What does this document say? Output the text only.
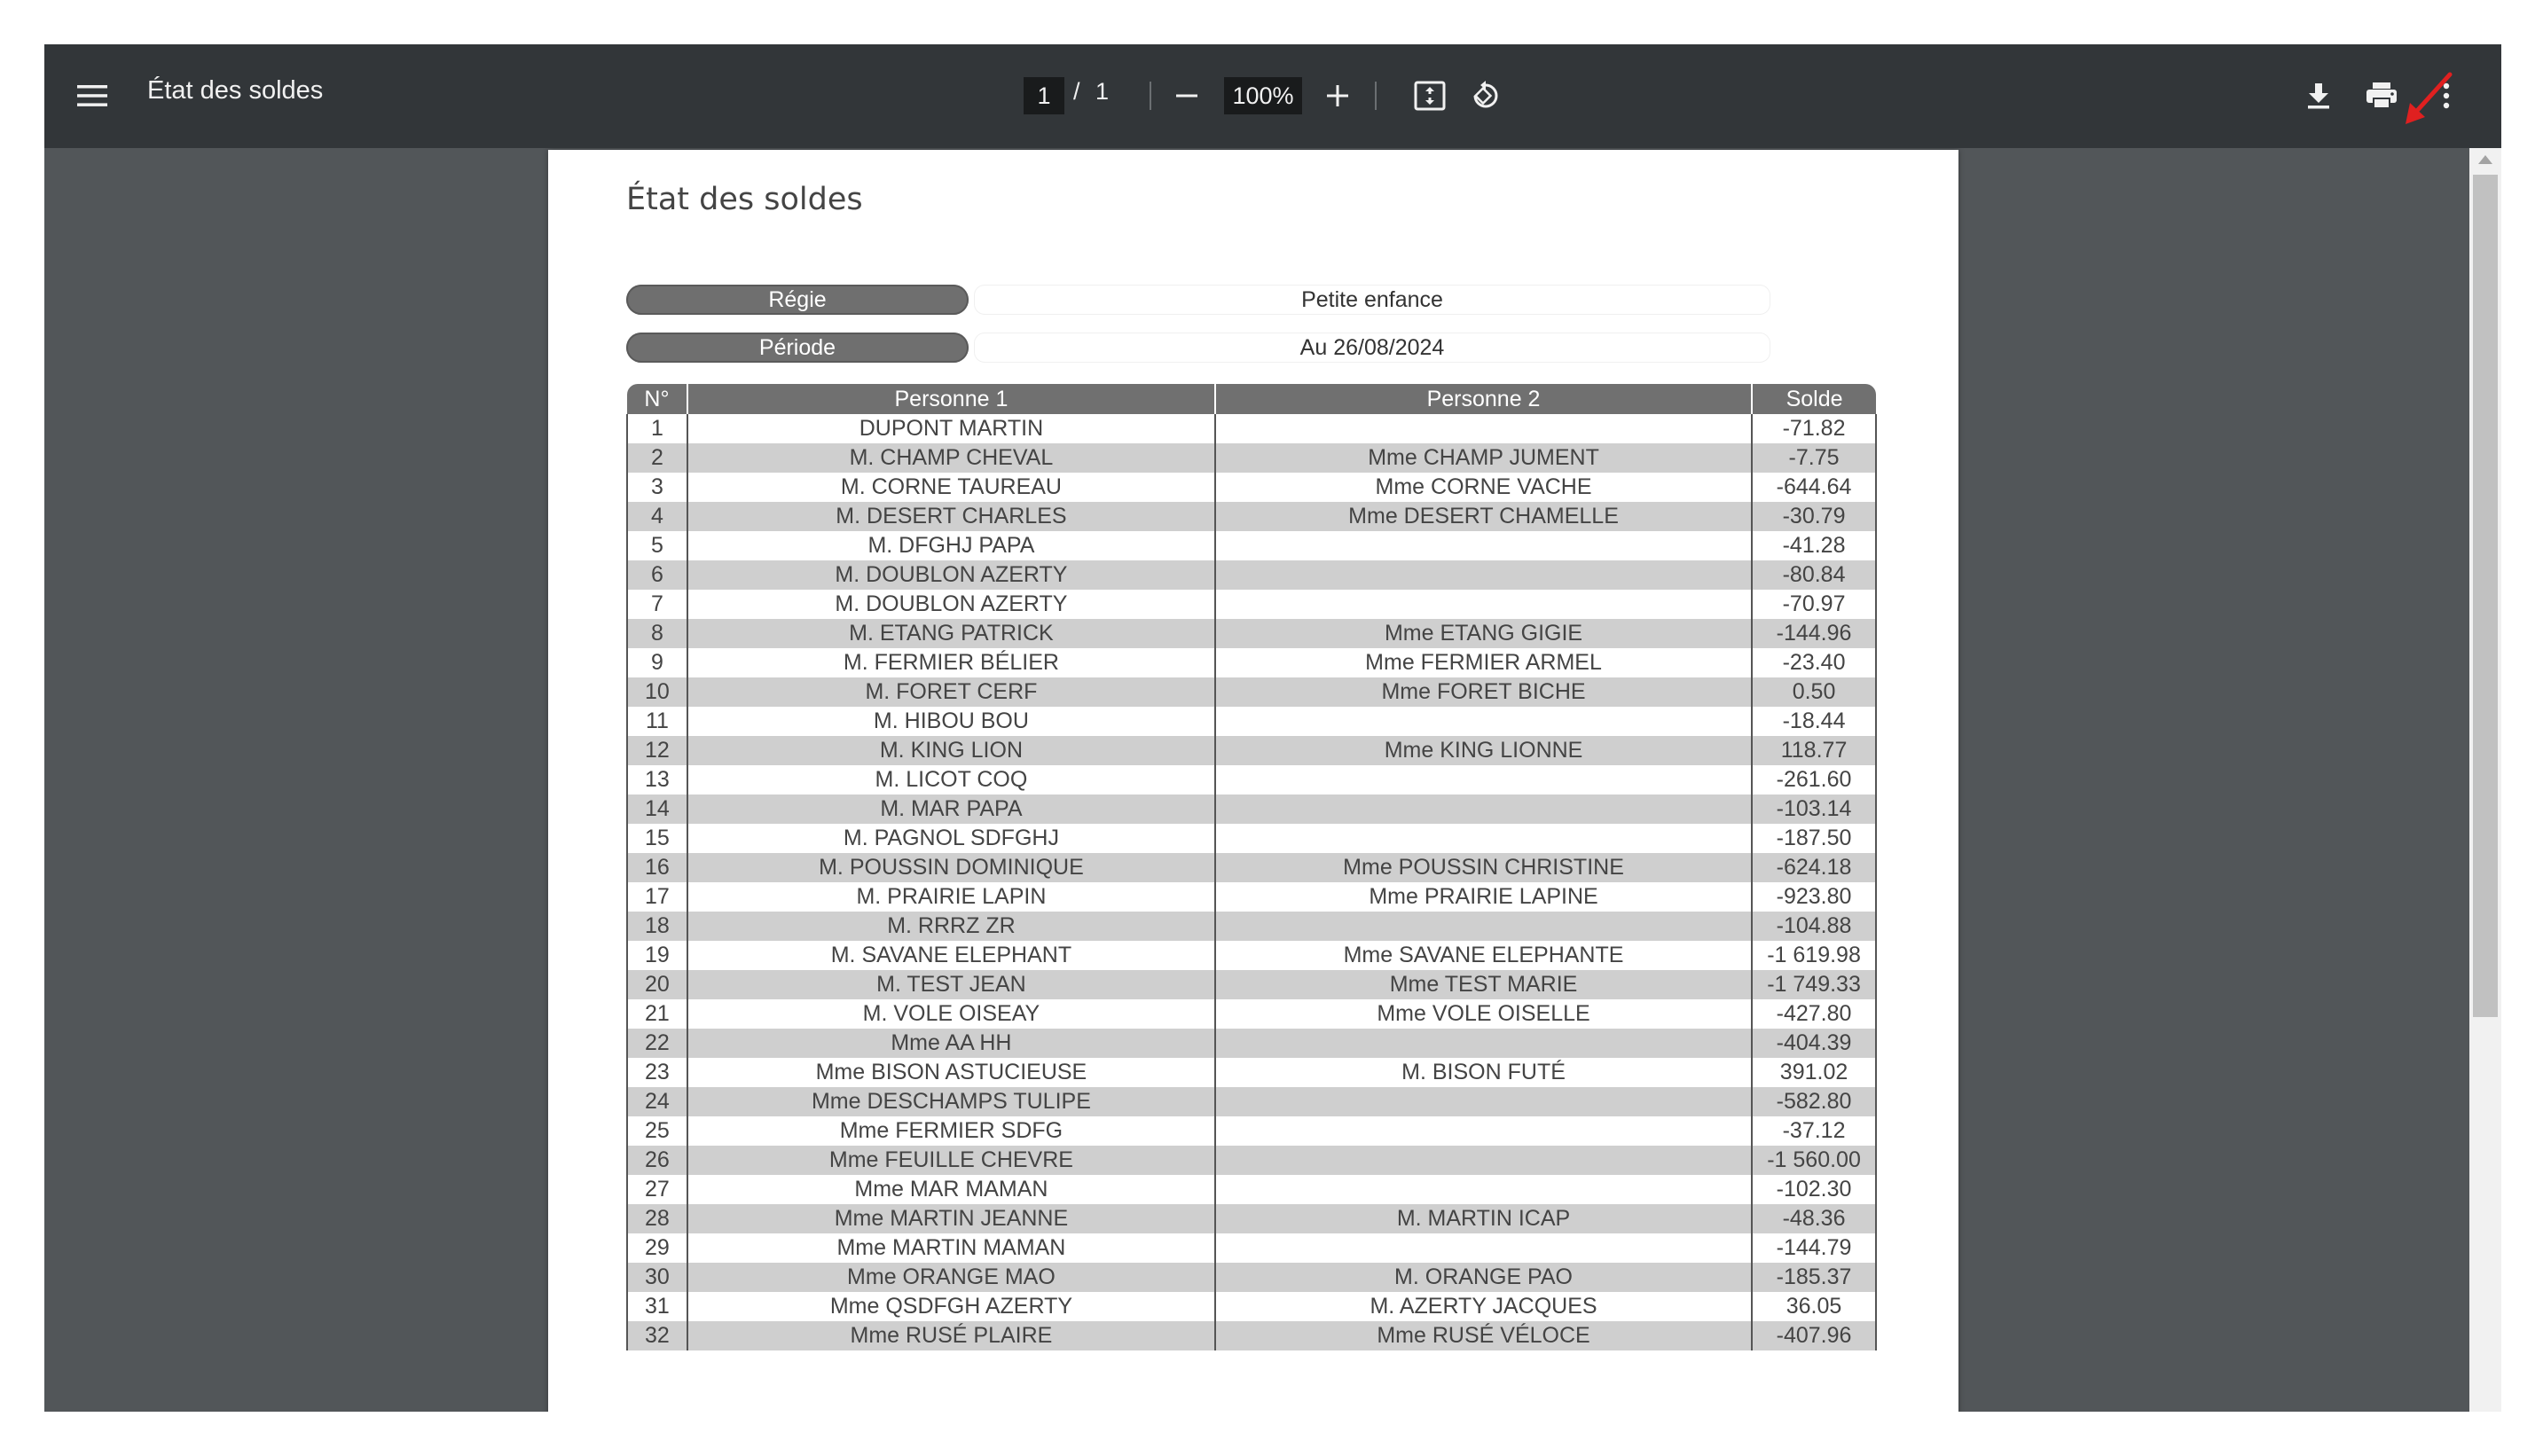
État des soldes	1 / 1	100%
État des soldes
Régie	Petite enfance
Période	Au 26/08/2024
N°	Personne 1	Personne 2	Solde
1	DUPONT MARTIN		-71.82
2	M. CHAMP CHEVAL	Mme CHAMP JUMENT	-7.75
3	M. CORNE TAUREAU	Mme CORNE VACHE	-644.64
4	M. DESERT CHARLES	Mme DESERT CHAMELLE	-30.79
5	M. DFGHJ PAPA		-41.28
6	M. DOUBLON AZERTY		-80.84
7	M. DOUBLON AZERTY		-70.97
8	M. ETANG PATRICK	Mme ETANG GIGIE	-144.96
9	M. FERMIER BÉLIER	Mme FERMIER ARMEL	-23.40
10	M. FORET CERF	Mme FORET BICHE	0.50
11	M. HIBOU BOU		-18.44
12	M. KING LION	Mme KING LIONNE	118.77
13	M. LICOT COQ		-261.60
14	M. MAR PAPA		-103.14
15	M. PAGNOL SDFGHJ		-187.50
16	M. POUSSIN DOMINIQUE	Mme POUSSIN CHRISTINE	-624.18
17	M. PRAIRIE LAPIN	Mme PRAIRIE LAPINE	-923.80
18	M. RRRZ ZR		-104.88
19	M. SAVANE ELEPHANT	Mme SAVANE ELEPHANTE	-1 619.98
20	M. TEST JEAN	Mme TEST MARIE	-1 749.33
21	M. VOLE OISEAY	Mme VOLE OISELLE	-427.80
22	Mme AA HH		-404.39
23	Mme BISON ASTUCIEUSE	M. BISON FUTÉ	391.02
24	Mme DESCHAMPS TULIPE		-582.80
25	Mme FERMIER SDFG		-37.12
26	Mme FEUILLE CHEVRE		-1 560.00
27	Mme MAR MAMAN		-102.30
28	Mme MARTIN JEANNE	M. MARTIN ICAP	-48.36
29	Mme MARTIN MAMAN		-144.79
30	Mme ORANGE MAO	M. ORANGE PAO	-185.37
31	Mme QSDFGH AZERTY	M. AZERTY JACQUES	36.05
32	Mme RUSÉ PLAIRE	Mme RUSÉ VÉLOCE	-407.96
